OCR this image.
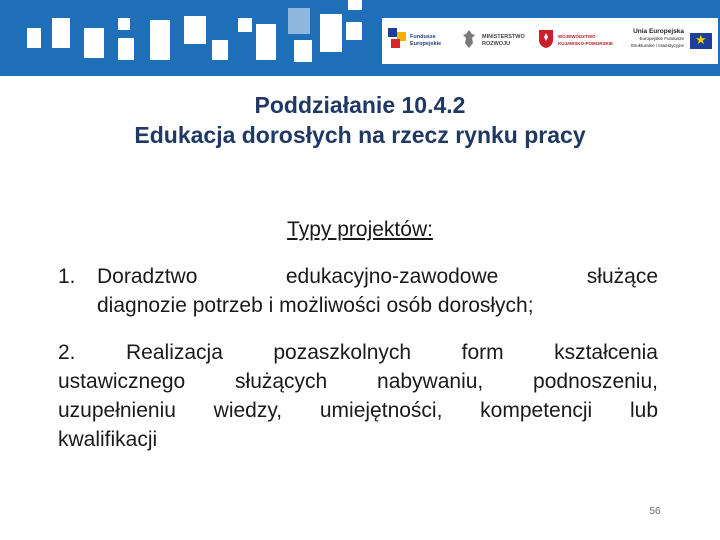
Fundusze
Europejskie
MINISTERSTWO
ROZWOJU
WOJEWÓDZTWO
KUJAWSKO-POMORSKIE
Unia Europejska
Europejskie Fundusze
Strukturalne i Inwestycyjne
★
Poddziałanie 10.4.2
Edukacja dorosłych na rzecz rynku pracy
Typy projektów:
1. Doradztwo	edukacyjno-zawodowe	służące
diagnozie potrzeb i możliwości osób dorosłych;
2. Realizacja pozaszkolnych form kształcenia
ustawicznego służących nabywaniu, podnoszeniu,
uzupełnieniu wiedzy, umiejętności, kompetencji lub
kwalifikacji
56
